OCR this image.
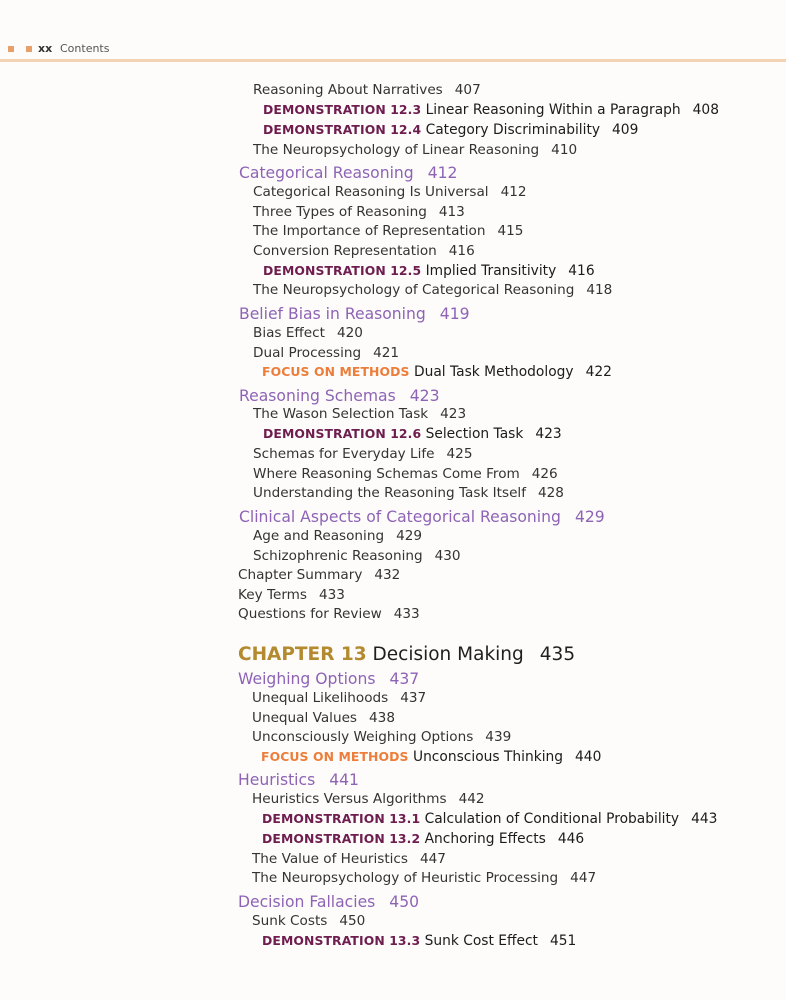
xx Contents
Reasoning About Narratives 407
DEMONSTRATION 12.3 Linear Reasoning Within a Paragraph 408
DEMONSTRATION 12.4 Category Discriminability 409
The Neuropsychology of Linear Reasoning 410
Categorical Reasoning 412
Categorical Reasoning Is Universal 412
Three Types of Reasoning 413
The Importance of Representation 415
Conversion Representation 416
DEMONSTRATION 12.5 Implied Transitivity 416
The Neuropsychology of Categorical Reasoning 418
Belief Bias in Reasoning 419
Bias Effect 420
Dual Processing 421
FOCUS ON METHODS Dual Task Methodology 422
Reasoning Schemas 423
The Wason Selection Task 423
DEMONSTRATION 12.6 Selection Task 423
Schemas for Everyday Life 425
Where Reasoning Schemas Come From 426
Understanding the Reasoning Task Itself 428
Clinical Aspects of Categorical Reasoning 429
Age and Reasoning 429
Schizophrenic Reasoning 430
Chapter Summary 432
Key Terms 433
Questions for Review 433
CHAPTER 13 Decision Making 435
Weighing Options 437
Unequal Likelihoods 437
Unequal Values 438
Unconsciously Weighing Options 439
FOCUS ON METHODS Unconscious Thinking 440
Heuristics 441
Heuristics Versus Algorithms 442
DEMONSTRATION 13.1 Calculation of Conditional Probability 443
DEMONSTRATION 13.2 Anchoring Effects 446
The Value of Heuristics 447
The Neuropsychology of Heuristic Processing 447
Decision Fallacies 450
Sunk Costs 450
DEMONSTRATION 13.3 Sunk Cost Effect 451
